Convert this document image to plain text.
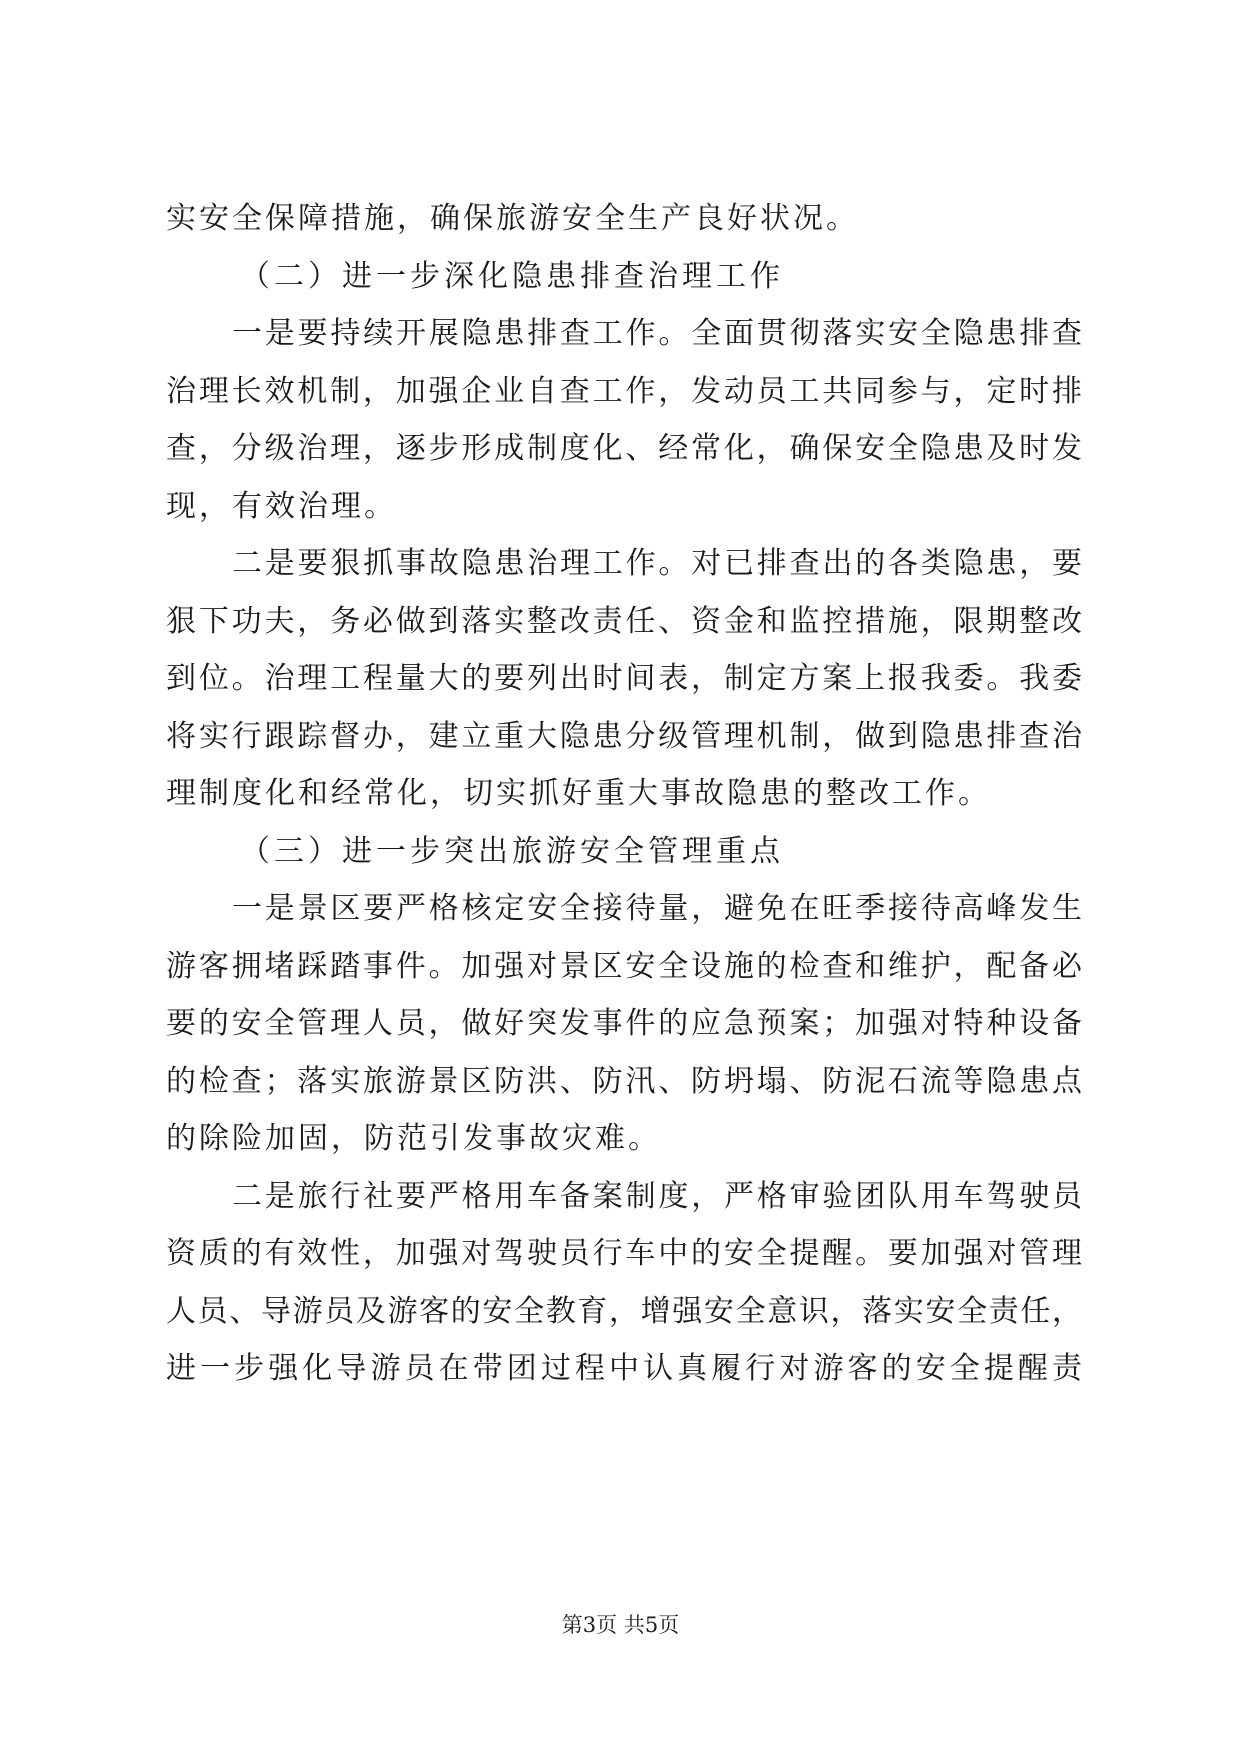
实安全保障措施，确保旅游安全生产良好状况。
（二）进一步深化隐患排查治理工作
一是要持续开展隐患排查工作。全面贯彻落实安全隐患排查
治理长效机制，加强企业自查工作，发动员工共同参与，定时排
查，分级治理，逐步形成制度化、经常化，确保安全隐患及时发
现，有效治理。
二是要狠抓事故隐患治理工作。对已排查出的各类隐患，要
狠下功夫，务必做到落实整改责任、资金和监控措施，限期整改
到位。治理工程量大的要列出时间表，制定方案上报我委。我委
将实行跟踪督办，建立重大隐患分级管理机制，做到隐患排查治
理制度化和经常化，切实抓好重大事故隐患的整改工作。
（三）进一步突出旅游安全管理重点
一是景区要严格核定安全接待量，避免在旺季接待高峰发生
游客拥堵踩踏事件。加强对景区安全设施的检查和维护，配备必
要的安全管理人员，做好突发事件的应急预案；加强对特种设备
的检查；落实旅游景区防洪、防汛、防坍塌、防泥石流等隐患点
的除险加固，防范引发事故灾难。
二是旅行社要严格用车备案制度，严格审验团队用车驾驶员
资质的有效性，加强对驾驶员行车中的安全提醒。要加强对管理
人员、导游员及游客的安全教育，增强安全意识，落实安全责任，
进一步强化导游员在带团过程中认真履行对游客的安全提醒责
第3页 共5页
